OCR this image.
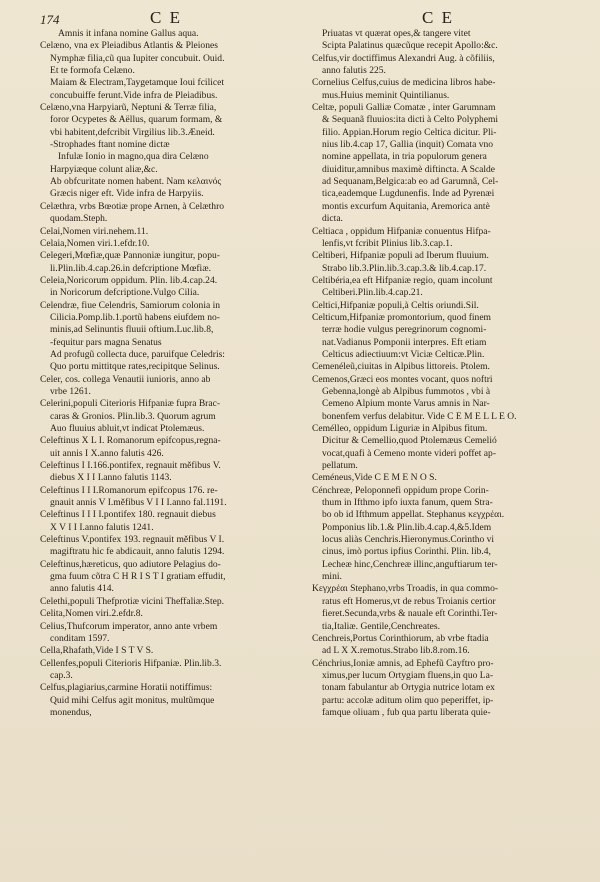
174	C E	C E

Amnis it infana nomine Gallus aqua.

Celæno, vna ex Pleiadibus Atlantis & Pleiones

Nymphæ filia,cũ qua Iupiter concubuit. Ouid.

Et te formofa Celæno.

Maiam & Electram,Taygetamque Ioui fcilicet

concubuiffe ferunt.Vide infra de Pleiadibus.

Celæno,vna Harpyiarũ, Neptuni & Terræ filia,

foror Ocypetes & Aëllus, quarum formam, &

vbi habitent,defcribit Virgilius lib.3.Æneid.

-Strophades ftant nomine dictæ

Infulæ Ionio in magno,qua dira Celæno

Harpyiæque colunt aliæ,&c.

Ab obfcuritate nomen habent. Nam κελαινός

Græcis niger eft. Vide infra de Harpyiis.

Celæthra, vrbs Bœotiæ prope Arnen, à Celæthro

quodam.Steph.

Celai,Nomen viri.nehem.11.

Celaia,Nomen viri.1.efdr.10.

Celegeri,Mœfiæ,quæ Pannoniæ iungitur, popu-

li.Plin.lib.4.cap.26.in defcriptione Mœfiæ.

Celeia,Noricorum oppidum. Plin. lib.4.cap.24.

in Noricorum defcriptione.Vulgo Cilia.

Celendræ, fiue Celendris, Samiorum colonia in

Cilicia.Pomp.lib.1.portũ habens eiufdem no-

minis,ad Selinuntis fluuii oftium.Luc.lib.8,

-fequitur pars magna Senatus

Ad profugũ collecta duce, paruifque Celedris:

Quo portu mittitque rates,recipitque Selinus.

Celer, cos. collega Venautii iunioris, anno ab

vrbe 1261.

Celerini,populi Citerioris Hifpaniæ fupra Brac-

caras & Gronios. Plin.lib.3. Quorum agrum

Auo fluuius abluit,vt indicat Ptolemæus.

Celeftinus X L I. Romanorum epifcopus,regna-

uit annis I X.anno falutis 426.

Celeftinus I I.166.pontifex, regnauit měfibus V.

diebus X I I I.anno falutis 1143.

Celeftinus I I I.Romanorum epifcopus 176. re-

gnauit annis V I.měfibus V I I I.anno fal.1191.

Celeftinus I I I I.pontifex 180. regnauit diebus

X V I I I.anno falutis 1241.

Celeftinus V.pontifex 193. regnauit měfibus V I.

magiftratu hic fe abdicauit, anno falutis 1294.

Celeftinus,hæreticus, quo adiutore Pelagius do-

gma fuum cõtra C H R I S T I gratiam effudit,

anno falutis 414.

Celethi,populi Thefprotiæ vicini Theffaliæ.Step.

Celita,Nomen viri.2.efdr.8.

Celius,Thufcorum imperator, anno ante vrbem

conditam 1597.

Cella,Rhafath,Vide I S T V S.

Cellenfes,populi Citerioris Hifpaniæ. Plin.lib.3.

cap.3.

Celfus,plagiarius,carmine Horatii notiffimus:

Quid mihi Celfus agit monitus, multũmque

monendus,

Priuatas vt quærat opes,& tangere vitet

Scipta Palatinus quæcũque recepit Apollo:&c.

Celfus,vir doctiffimus Alexandri Aug. à cõfiliis,

anno falutis 225.

Cornelius Celfus,cuius de medicina libros habe-

mus.Huius meminit Quintilianus.

Celtæ, populi Galliæ Comatæ , inter Garumnam

& Sequanã fluuios:ita dicti à Celto Polyphemi

filio. Appian.Horum regio Celtica dicitur. Pli-

nius lib.4.cap 17, Gallia (inquit) Comata vno

nomine appellata, in tria populorum genera

diuiditur,amnibus maximè diftincta. A Scalde

ad Sequanam,Belgica:ab eo ad Garumnã, Cel-

tica,eademque Lugdunenfis. Inde ad Pyrenæi

montis excurfum Aquitania, Aremorica antè

dicta.

Celtiaca , oppidum Hifpaniæ conuentus Hifpa-

lenfis,vt fcribit Plinius lib.3.cap.1.

Celtiberi, Hifpaniæ populi ad Iberum fluuium.

Strabo lib.3.Plin.lib.3.cap.3.& lib.4.cap.17.

Celtibéria,ea eft Hifpaniæ regio, quam incolunt

Celtiberi.Plin.lib.4.cap.21.

Celtici,Hifpaniæ populi,à Celtis oriundi.Sil.

Celticum,Hifpaniæ promontorium, quod finem

terræ hodie vulgus peregrinorum cognomi-

nat.Vadianus Pomponii interpres. Eft etiam

Celticus adiectiuum:vt Viciæ Celticæ.Plin.

Cemenéleũ,ciuitas in Alpibus littoreis. Ptolem.

Cemenos,Græci eos montes vocant, quos noftri

Gebenna,longè ab Alpibus fummotos , vbi à

Cemeno Alpium monte Varus amnis in Nar-

bonenfem verfus delabitur. Vide C E M E L L E O.

Cemélleo, oppidum Liguriæ in Alpibus fitum.

Dicitur & Cemellio,quod Ptolemæus Cemelió

vocat,quafi à Cemeno monte videri poffet ap-

pellatum.

Ceméneus,Vide C E M E N O S.

Cénchreæ, Peloponnefi oppidum prope Corin-

thum in Ifthmo ipfo iuxta fanum, quem Stra-

bo ob id Ifthmum appellat. Stephanus κεγχρέαι.

Pomponius lib.1.& Plin.lib.4.cap.4,&5.Idem

locus aliàs Cenchris.Hieronymus.Corintho vi

cinus, imò portus ipfius Corinthi. Plin. lib.4,

Lecheæ hinc,Cenchreæ illinc,anguftiarum ter-

mini.

Κεγχρέαι Stephano,vrbs Troadis, in qua commo-

ratus eft Homerus,vt de rebus Troianis certior

fieret.Secunda,vrbs & nauale eft Corinthi.Ter-

tia,Italiæ. Gentile,Cenchreates.

Cenchreis,Portus Corinthiorum, ab vrbe ftadia

ad L X X.remotus.Strabo lib.8.rom.16.

Cénchrius,Ioniæ amnis, ad Ephefũ Cayftro pro-

ximus,per lucum Ortygiam fluens,in quo La-

tonam fabulantur ab Ortygia nutrice lotam ex

partu: accolæ aditum olim quo peperiffet, ip-

famque oliuam , fub qua partu liberata quie-
